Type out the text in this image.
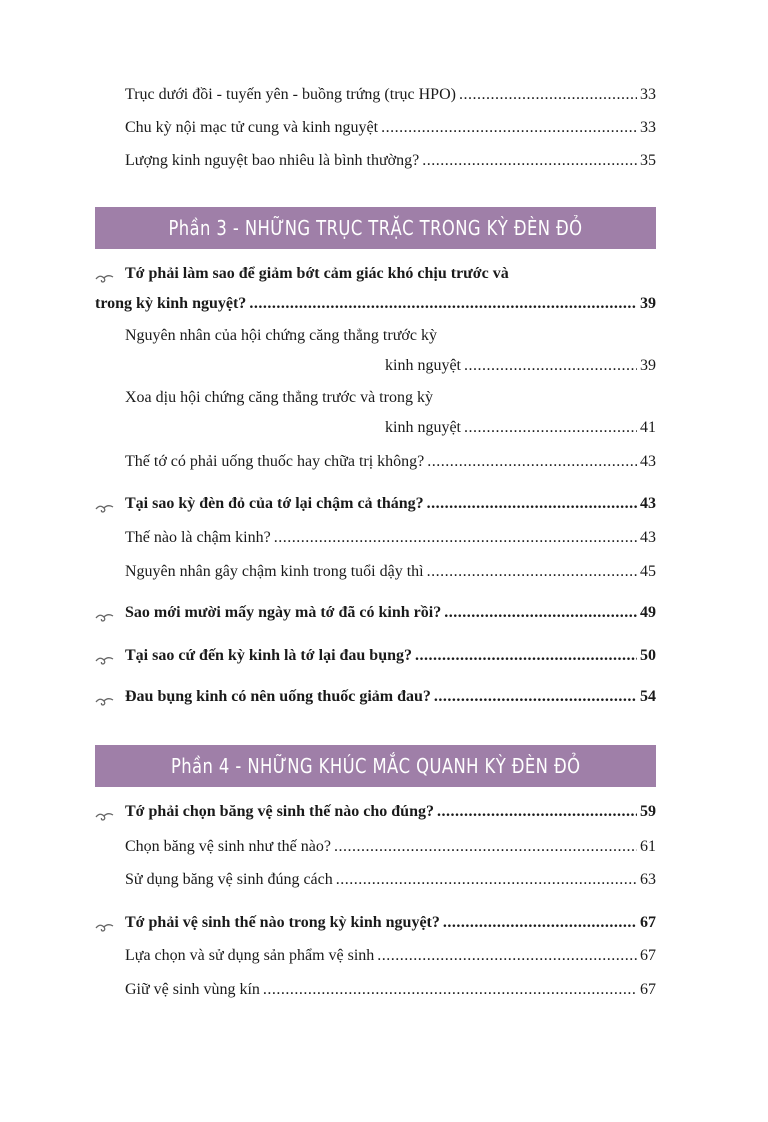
Trục dưới đồi - tuyến yên - buồng trứng (trục HPO) .....	33
Chu kỳ nội mạc tử cung và kinh nguyệt .....	33
Lượng kinh nguyệt bao nhiêu là bình thường? .....	35
Phần 3 - NHỮNG TRỤC TRẶC TRONG KỲ ĐÈN ĐỎ
Tớ phải làm sao để giảm bớt cảm giác khó chịu trước và
trong kỳ kinh nguyệt? .....	39
Nguyên nhân của hội chứng căng thẳng trước kỳ
kinh nguyệt .....	39
Xoa dịu hội chứng căng thẳng trước và trong kỳ
kinh nguyệt .....	41
Thế tớ có phải uống thuốc hay chữa trị không? .....	43
Tại sao kỳ đèn đỏ của tớ lại chậm cả tháng? .....	43
Thế nào là chậm kinh? .....	43
Nguyên nhân gây chậm kinh trong tuổi dậy thì .....	45
Sao mới mười mấy ngày mà tớ đã có kinh rồi? .....	49
Tại sao cứ đến kỳ kinh là tớ lại đau bụng? .....	50
Đau bụng kinh có nên uống thuốc giảm đau? .....	54
Phần 4 - NHỮNG KHÚC MẮC QUANH KỲ ĐÈN ĐỎ
Tớ phải chọn băng vệ sinh thế nào cho đúng? .....	59
Chọn băng vệ sinh như thế nào? .....	61
Sử dụng băng vệ sinh đúng cách .....	63
Tớ phải vệ sinh thế nào trong kỳ kinh nguyệt? .....	67
Lựa chọn và sử dụng sản phẩm vệ sinh .....	67
Giữ vệ sinh vùng kín .....	67
